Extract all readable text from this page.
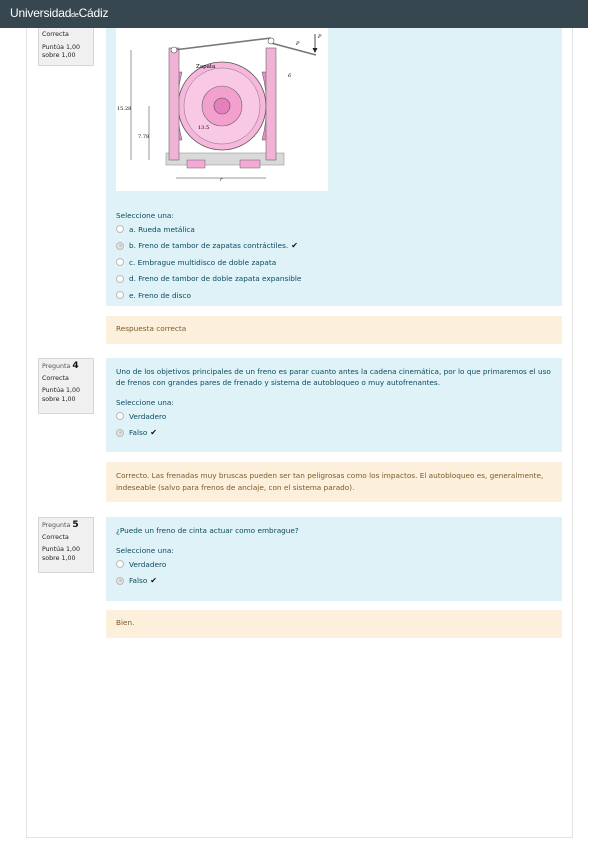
UniversidaddeCádiz
Correcta
Puntúa 1,00 sobre 1,00
Seleccione una:
a. Rueda metálica
b. Freno de tambor de zapatas contráctiles. ✔
c. Embrague multidisco de doble zapata
d. Freno de tambor de doble zapata expansible
e. Freno de disco
P
15.28
7.78
13.5
6
r
P
Zapata
Respuesta correcta
Pregunta 4
Correcta
Puntúa 1,00 sobre 1,00
Uno de los objetivos principales de un freno es parar cuanto antes la cadena cinemática, por lo que primaremos el uso de frenos con grandes pares de frenado y sistema de autobloqueo o muy autofrenantes.
Seleccione una:
Verdadero
Falso ✔
Correcto. Las frenadas muy bruscas pueden ser tan peligrosas como los impactos. El autobloqueo es, generalmente, indeseable (salvo para frenos de anclaje, con el sistema parado).
Pregunta 5
Correcta
Puntúa 1,00 sobre 1,00
¿Puede un freno de cinta actuar como embrague?
Seleccione una:
Verdadero
Falso ✔
Bien.
